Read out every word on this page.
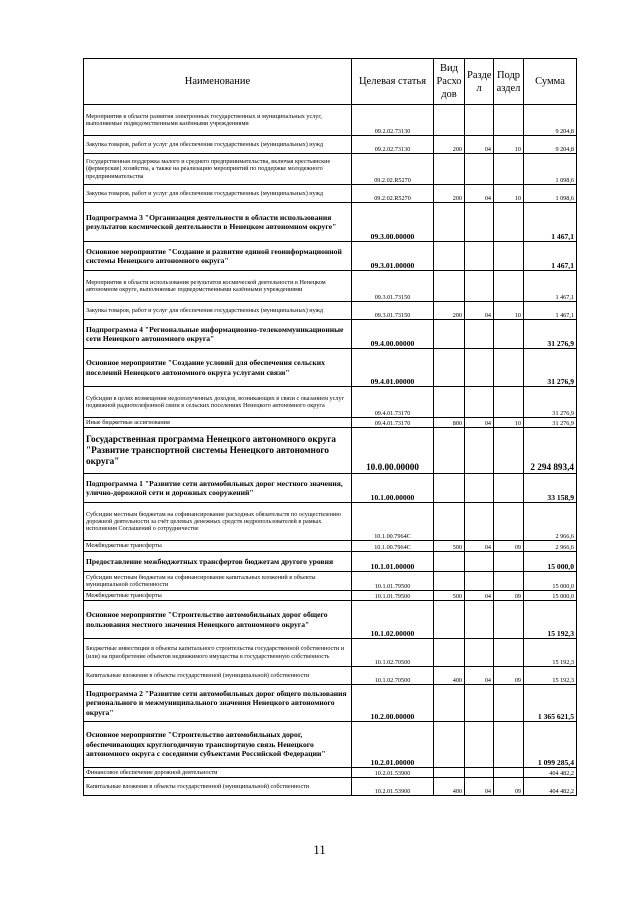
Наименование	Целевая статья	Вид Расхо дов	Разде л	Подр аздел	Сумма
Мероприятия в области развития электронных государственных и муниципальных услуг, выполняемые подведомственными казёнными учреждениями	09.2.02.73130				9 204,8
Закупка товаров, работ и услуг для обеспечения государственных (муниципальных) нужд	09.2.02.73130	200	04	10	9 204,8
Государственная поддержка малого и среднего предпринимательства, включая крестьянские (фермерские) хозяйства, а также на реализацию мероприятий по поддержке молодежного предпринимательства	09.2.02.R5270				1 098,6
Закупка товаров, работ и услуг для обеспечения государственных (муниципальных) нужд	09.2.02.R5270	200	04	10	1 098,6
Подпрограмма 3 "Организация деятельности в области использования результатов космической деятельности в Ненецком автономном округе"	09.3.00.00000				1 467,1
Основное мероприятие "Создание и развитие единой геоинформационной системы Ненецкого автономного округа"	09.3.01.00000				1 467,1
Мероприятия в области использования результатов космической деятельности в Ненецком автономном округе, выполняемые подведомственными казёнными учреждениями	09.3.01.73150				1 467,1
Закупка товаров, работ и услуг для обеспечения государственных (муниципальных) нужд	09.3.01.73150	200	04	10	1 467,1
Подпрограмма 4 "Региональные информационно-телекоммуникационные сети Ненецкого автономного округа"	09.4.00.00000				31 276,9
Основное мероприятие "Создание условий для обеспечения сельских поселений Ненецкого автономного округа услугами связи"	09.4.01.00000				31 276,9
Субсидии в целях возмещения недополученных доходов, возникающих в связи с оказанием услуг подвижной радиотелефонной связи в сельских поселениях Ненецкого автономного округа	09.4.01.73170				31 276,9
Иные бюджетные ассигнования	09.4.01.73170	800	04	10	31 276,9
Государственная программа Ненецкого автономного округа "Развитие транспортной системы Ненецкого автономного округа"	10.0.00.00000				2 294 893,4
Подпрограмма 1 "Развитие сети автомобильных дорог местного значения, улично-дорожной сети и дорожных сооружений"	10.1.00.00000				33 158,9
Субсидии местным бюджетам на софинансирование расходных обязательств по осуществлению дорожной деятельности за счёт целевых денежных средств недропользователей в рамках исполнения Соглашений о сотрудничестве	10.1.00.7964C				2 966,6
Межбюджетные трансферты	10.1.00.7964C	500	04	09	2 966,6
Предоставление межбюджетных трансфертов бюджетам другого уровня	10.1.01.00000				15 000,0
Субсидии местным бюджетам на софинансирование капитальных вложений в объекты муниципальной собственности	10.1.01.79500				15 000,0
Межбюджетные трансферты	10.1.01.79500	500	04	09	15 000,0
Основное мероприятие "Строительство автомобильных дорог общего пользования местного значения Ненецкого автономного округа"	10.1.02.00000				15 192,3
Бюджетные инвестиции в объекты капитального строительства государственной собственности и (или) на приобретение объектов недвижимого имущества в государственную собственность	10.1.02.70500				15 192,3
Капитальные вложения в объекты государственной (муниципальной) собственности	10.1.02.70500	400	04	09	15 192,3
Подпрограмма 2 "Развитие сети автомобильных дорог общего пользования регионального и межмуниципального значения Ненецкого автономного округа"	10.2.00.00000				1 365 621,5
Основное мероприятие "Строительство автомобильных дорог, обеспечивающих круглогодичную транспортную связь Ненецкого автономного округа с соседними субъектами Российской Федерации"	10.2.01.00000				1 099 285,4
Финансовое обеспечение дорожной деятельности	10.2.01.53900				404 482,2
Капитальные вложения в объекты государственной (муниципальной) собственности	10.2.01.53900	400	04	09	404 482,2
11
